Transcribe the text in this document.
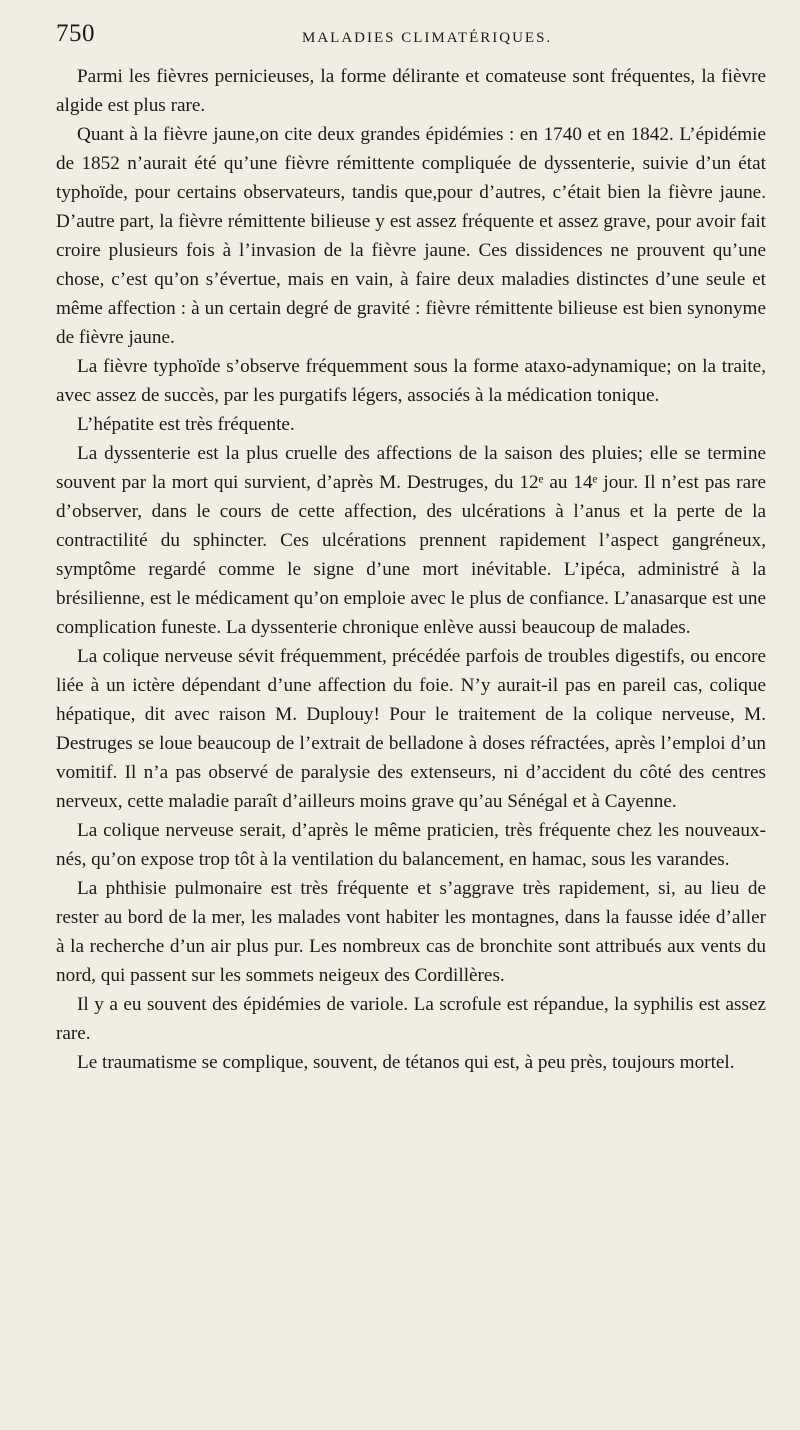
750	MALADIES CLIMATÉRIQUES.

Parmi les fièvres pernicieuses, la forme délirante et comateuse sont fréquentes, la fièvre algide est plus rare.

Quant à la fièvre jaune,on cite deux grandes épidémies : en 1740 et en 1842. L’épidémie de 1852 n’aurait été qu’une fièvre rémittente compliquée de dyssenterie, suivie d’un état typhoïde, pour certains observateurs, tandis que,pour d’autres, c’était bien la fièvre jaune. D’autre part, la fièvre rémittente bilieuse y est assez fréquente et assez grave, pour avoir fait croire plusieurs fois à l’invasion de la fièvre jaune. Ces dissidences ne prouvent qu’une chose, c’est qu’on s’évertue, mais en vain, à faire deux maladies distinctes d’une seule et même affection : à un certain degré de gravité : fièvre rémittente bilieuse est bien synonyme de fièvre jaune.

La fièvre typhoïde s’observe fréquemment sous la forme ataxo-adynamique; on la traite, avec assez de succès, par les purgatifs légers, associés à la médication tonique.

L’hépatite est très fréquente.

La dyssenterie est la plus cruelle des affections de la saison des pluies; elle se termine souvent par la mort qui survient, d’après M. Destruges, du 12ᵉ au 14ᵉ jour. Il n’est pas rare d’observer, dans le cours de cette affection, des ulcérations à l’anus et la perte de la contractilité du sphincter. Ces ulcérations prennent rapidement l’aspect gangréneux, symptôme regardé comme le signe d’une mort inévitable. L’ipéca, administré à la brésilienne, est le médicament qu’on emploie avec le plus de confiance. L’anasarque est une complication funeste. La dyssenterie chronique enlève aussi beaucoup de malades.

La colique nerveuse sévit fréquemment, précédée parfois de troubles digestifs, ou encore liée à un ictère dépendant d’une affection du foie. N’y aurait-il pas en pareil cas, colique hépatique, dit avec raison M. Duplouy! Pour le traitement de la colique nerveuse, M. Destruges se loue beaucoup de l’extrait de belladone à doses réfractées, après l’emploi d’un vomitif. Il n’a pas observé de paralysie des extenseurs, ni d’accident du côté des centres nerveux, cette maladie paraît d’ailleurs moins grave qu’au Sénégal et à Cayenne.

La colique nerveuse serait, d’après le même praticien, très fréquente chez les nouveaux-nés, qu’on expose trop tôt à la ventilation du balancement, en hamac, sous les varandes.

La phthisie pulmonaire est très fréquente et s’aggrave très rapidement, si, au lieu de rester au bord de la mer, les malades vont habiter les montagnes, dans la fausse idée d’aller à la recherche d’un air plus pur. Les nombreux cas de bronchite sont attribués aux vents du nord, qui passent sur les sommets neigeux des Cordillères.

Il y a eu souvent des épidémies de variole. La scrofule est répandue, la syphilis est assez rare.

Le traumatisme se complique, souvent, de tétanos qui est, à peu près, toujours mortel.
